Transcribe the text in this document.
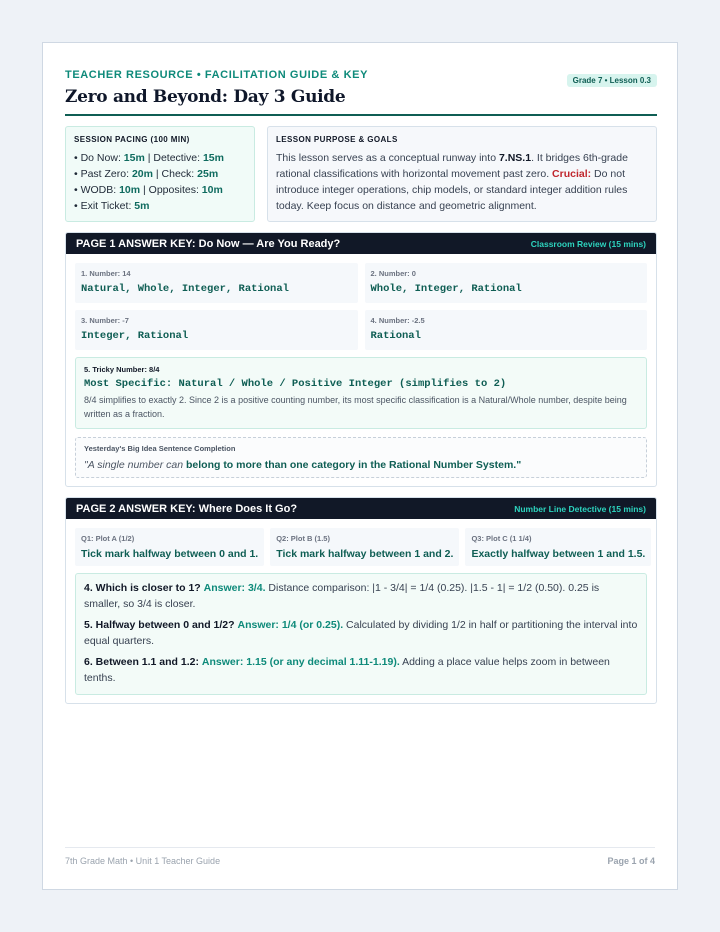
TEACHER RESOURCE • FACILITATION GUIDE & KEY
Zero and Beyond: Day 3 Guide
Grade 7 • Lesson 0.3
SESSION PACING (100 MIN)
• Do Now: 15m | Detective: 15m
• Past Zero: 20m | Check: 25m
• WODB: 10m | Opposites: 10m
• Exit Ticket: 5m
LESSON PURPOSE & GOALS
This lesson serves as a conceptual runway into 7.NS.1. It bridges 6th-grade rational classifications with horizontal movement past zero. Crucial: Do not introduce integer operations, chip models, or standard integer addition rules today. Keep focus on distance and geometric alignment.
PAGE 1 ANSWER KEY: Do Now — Are You Ready?	Classroom Review (15 mins)
1. Number: 14
Natural, Whole, Integer, Rational
2. Number: 0
Whole, Integer, Rational
3. Number: -7
Integer, Rational
4. Number: -2.5
Rational
5. Tricky Number: 8/4
Most Specific: Natural / Whole / Positive Integer (simplifies to 2)
8/4 simplifies to exactly 2. Since 2 is a positive counting number, its most specific classification is a Natural/Whole number, despite being written as a fraction.
Yesterday's Big Idea Sentence Completion
"A single number can belong to more than one category in the Rational Number System."
PAGE 2 ANSWER KEY: Where Does It Go?	Number Line Detective (15 mins)
Q1: Plot A (1/2)
Tick mark halfway between 0 and 1.
Q2: Plot B (1.5)
Tick mark halfway between 1 and 2.
Q3: Plot C (1 1/4)
Exactly halfway between 1 and 1.5.
4. Which is closer to 1? Answer: 3/4. Distance comparison: |1 - 3/4| = 1/4 (0.25). |1.5 - 1| = 1/2 (0.50). 0.25 is smaller, so 3/4 is closer.
5. Halfway between 0 and 1/2? Answer: 1/4 (or 0.25). Calculated by dividing 1/2 in half or partitioning the interval into equal quarters.
6. Between 1.1 and 1.2: Answer: 1.15 (or any decimal 1.11-1.19). Adding a place value helps zoom in between tenths.
7th Grade Math • Unit 1 Teacher Guide	Page 1 of 4
